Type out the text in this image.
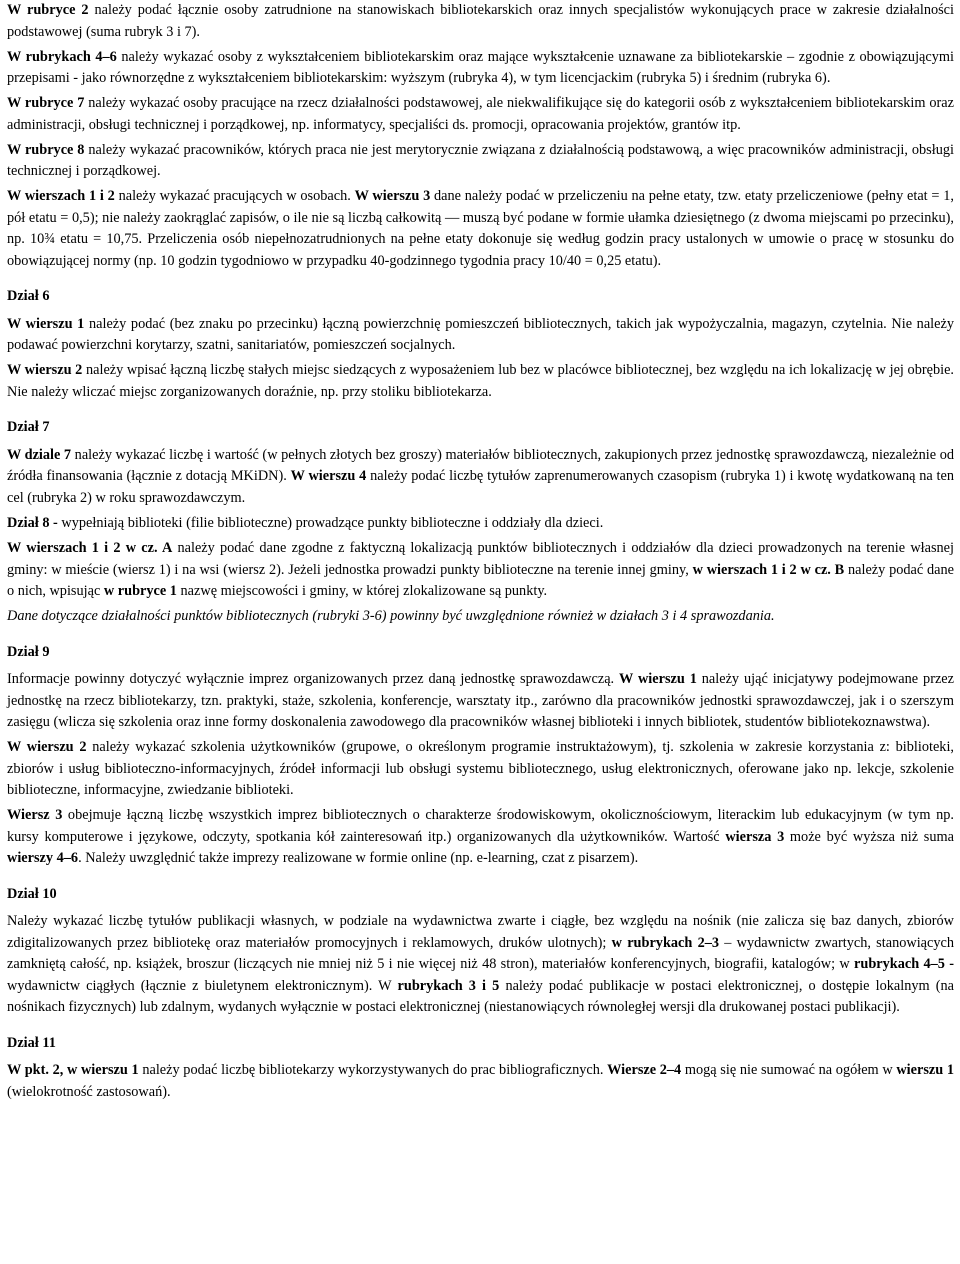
W rubryce 2 należy podać łącznie osoby zatrudnione na stanowiskach bibliotekarskich oraz innych specjalistów wykonujących prace w zakresie działalności podstawowej (suma rubryk 3 i 7).

W rubrykach 4–6 należy wykazać osoby z wykształceniem bibliotekarskim oraz mające wykształcenie uznawane za bibliotekarskie – zgodnie z obowiązującymi przepisami - jako równorzędne z wykształceniem bibliotekarskim: wyższym (rubryka 4), w tym licencjackim (rubryka 5) i średnim (rubryka 6).

W rubryce 7 należy wykazać osoby pracujące na rzecz działalności podstawowej, ale niekwalifikujące się do kategorii osób z wykształceniem bibliotekarskim oraz administracji, obsługi technicznej i porządkowej, np. informatycy, specjaliści ds. promocji, opracowania projektów, grantów itp.

W rubryce 8 należy wykazać pracowników, których praca nie jest merytorycznie związana z działalnością podstawową, a więc pracowników administracji, obsługi technicznej i porządkowej.

W wierszach 1 i 2 należy wykazać pracujących w osobach. W wierszu 3 dane należy podać w przeliczeniu na pełne etaty, tzw. etaty przeliczeniowe (pełny etat = 1, pół etatu = 0,5); nie należy zaokrąglać zapisów, o ile nie są liczbą całkowitą — muszą być podane w formie ułamka dziesiętnego (z dwoma miejscami po przecinku), np. 10¾ etatu = 10,75. Przeliczenia osób niepełnozatrudnionych na pełne etaty dokonuje się według godzin pracy ustalonych w umowie o pracę w stosunku do obowiązującej normy (np. 10 godzin tygodniowo w przypadku 40-godzinnego tygodnia pracy 10/40 = 0,25 etatu).

Dział 6

W wierszu 1 należy podać (bez znaku po przecinku) łączną powierzchnię pomieszczeń bibliotecznych, takich jak wypożyczalnia, magazyn, czytelnia. Nie należy podawać powierzchni korytarzy, szatni, sanitariatów, pomieszczeń socjalnych.

W wierszu 2 należy wpisać łączną liczbę stałych miejsc siedzących z wyposażeniem lub bez w placówce bibliotecznej, bez względu na ich lokalizację w jej obrębie. Nie należy wliczać miejsc zorganizowanych doraźnie, np. przy stoliku bibliotekarza.

Dział 7

W dziale 7 należy wykazać liczbę i wartość (w pełnych złotych bez groszy) materiałów bibliotecznych, zakupionych przez jednostkę sprawozdawczą, niezależnie od źródła finansowania (łącznie z dotacją MKiDN). W wierszu 4 należy podać liczbę tytułów zaprenumerowanych czasopism (rubryka 1) i kwotę wydatkowaną na ten cel (rubryka 2) w roku sprawozdawczym.

Dział 8 - wypełniają biblioteki (filie biblioteczne) prowadzące punkty biblioteczne i oddziały dla dzieci.

W wierszach 1 i 2 w cz. A należy podać dane zgodne z faktyczną lokalizacją punktów bibliotecznych i oddziałów dla dzieci prowadzonych na terenie własnej gminy: w mieście (wiersz 1) i na wsi (wiersz 2). Jeżeli jednostka prowadzi punkty biblioteczne na terenie innej gminy, w wierszach 1 i 2 w cz. B należy podać dane o nich, wpisując w rubryce 1 nazwę miejscowości i gminy, w której zlokalizowane są punkty.

Dane dotyczące działalności punktów bibliotecznych (rubryki 3-6) powinny być uwzględnione również w działach 3 i 4 sprawozdania.

Dział 9

Informacje powinny dotyczyć wyłącznie imprez organizowanych przez daną jednostkę sprawozdawczą. W wierszu 1 należy ująć inicjatywy podejmowane przez jednostkę na rzecz bibliotekarzy, tzn. praktyki, staże, szkolenia, konferencje, warsztaty itp., zarówno dla pracowników jednostki sprawozdawczej, jak i o szerszym zasięgu (wlicza się szkolenia oraz inne formy doskonalenia zawodowego dla pracowników własnej biblioteki i innych bibliotek, studentów bibliotekoznawstwa).

W wierszu 2 należy wykazać szkolenia użytkowników (grupowe, o określonym programie instruktażowym), tj. szkolenia w zakresie korzystania z: biblioteki, zbiorów i usług biblioteczno-informacyjnych, źródeł informacji lub obsługi systemu bibliotecznego, usług elektronicznych, oferowane jako np. lekcje, szkolenie biblioteczne, informacyjne, zwiedzanie biblioteki.

Wiersz 3 obejmuje łączną liczbę wszystkich imprez bibliotecznych o charakterze środowiskowym, okolicznościowym, literackim lub edukacyjnym (w tym np. kursy komputerowe i językowe, odczyty, spotkania kół zainteresowań itp.) organizowanych dla użytkowników. Wartość wiersza 3 może być wyższa niż suma wierszy 4–6. Należy uwzględnić także imprezy realizowane w formie online (np. e-learning, czat z pisarzem).

Dział 10

Należy wykazać liczbę tytułów publikacji własnych, w podziale na wydawnictwa zwarte i ciągłe, bez względu na nośnik (nie zalicza się baz danych, zbiorów zdigitalizowanych przez bibliotekę oraz materiałów promocyjnych i reklamowych, druków ulotnych); w rubrykach 2–3 – wydawnictw zwartych, stanowiących zamkniętą całość, np. książek, broszur (liczących nie mniej niż 5 i nie więcej niż 48 stron), materiałów konferencyjnych, biografii, katalogów; w rubrykach 4–5 - wydawnictw ciągłych (łącznie z biuletynem elektronicznym). W rubrykach 3 i 5 należy podać publikacje w postaci elektronicznej, o dostępie lokalnym (na nośnikach fizycznych) lub zdalnym, wydanych wyłącznie w postaci elektronicznej (niestanowiących równoległej wersji dla drukowanej postaci publikacji).

Dział 11

W pkt. 2, w wierszu 1 należy podać liczbę bibliotekarzy wykorzystywanych do prac bibliograficznych. Wiersze 2–4 mogą się nie sumować na ogółem w wierszu 1 (wielokrotność zastosowań).
